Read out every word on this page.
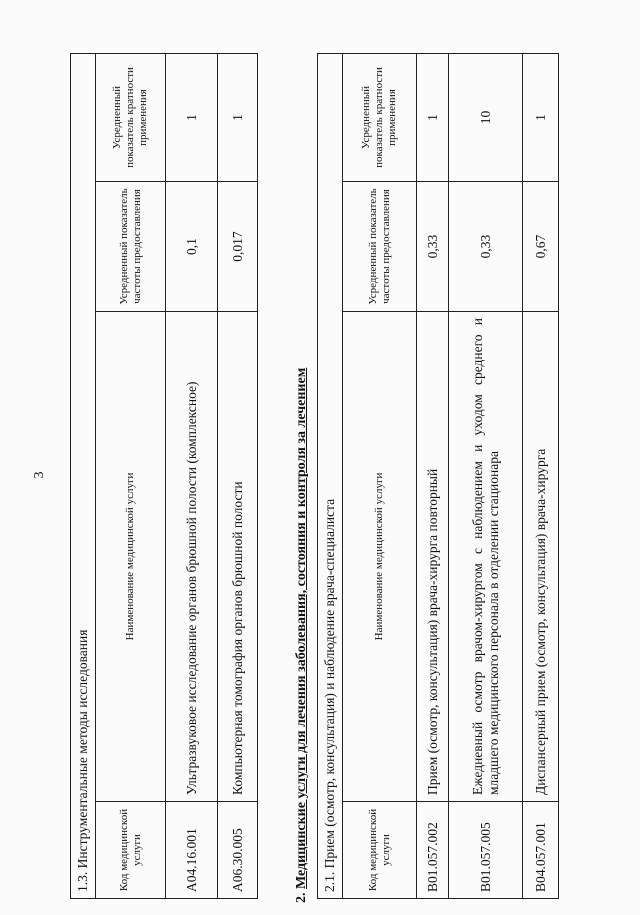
3
1.3. Инструментальные методы исследования			
Код медицинской услуги	Наименование медицинской услуги	Усредненный показатель частоты предоставления	Усредненный показатель кратности применения
A04.16.001	Ультразвуковое исследование органов брюшной полости (комплексное)	0,1	1
A06.30.005	Компьютерная томография органов брюшной полости	0,017	1
2. Медицинские услуги для лечения заболевания, состояния и контроля за лечением 2.1. Прием (осмотр, консультация) и наблюдение врача-специалиста			
Код медицинской услуги	Наименование медицинской услуги	Усредненный показатель частоты предоставления	Усредненный показатель кратности применения
B01.057.002	Прием (осмотр, консультация) врача-хирурга повторный	0,33	1
B01.057.005	Ежедневный осмотр врачом-хирургом с наблюдением и уходом среднего и младшего медицинского персонала в отделении стационара	0,33	10
B04.057.001	Диспансерный прием (осмотр, консультация) врача-хирурга	0,67	1
